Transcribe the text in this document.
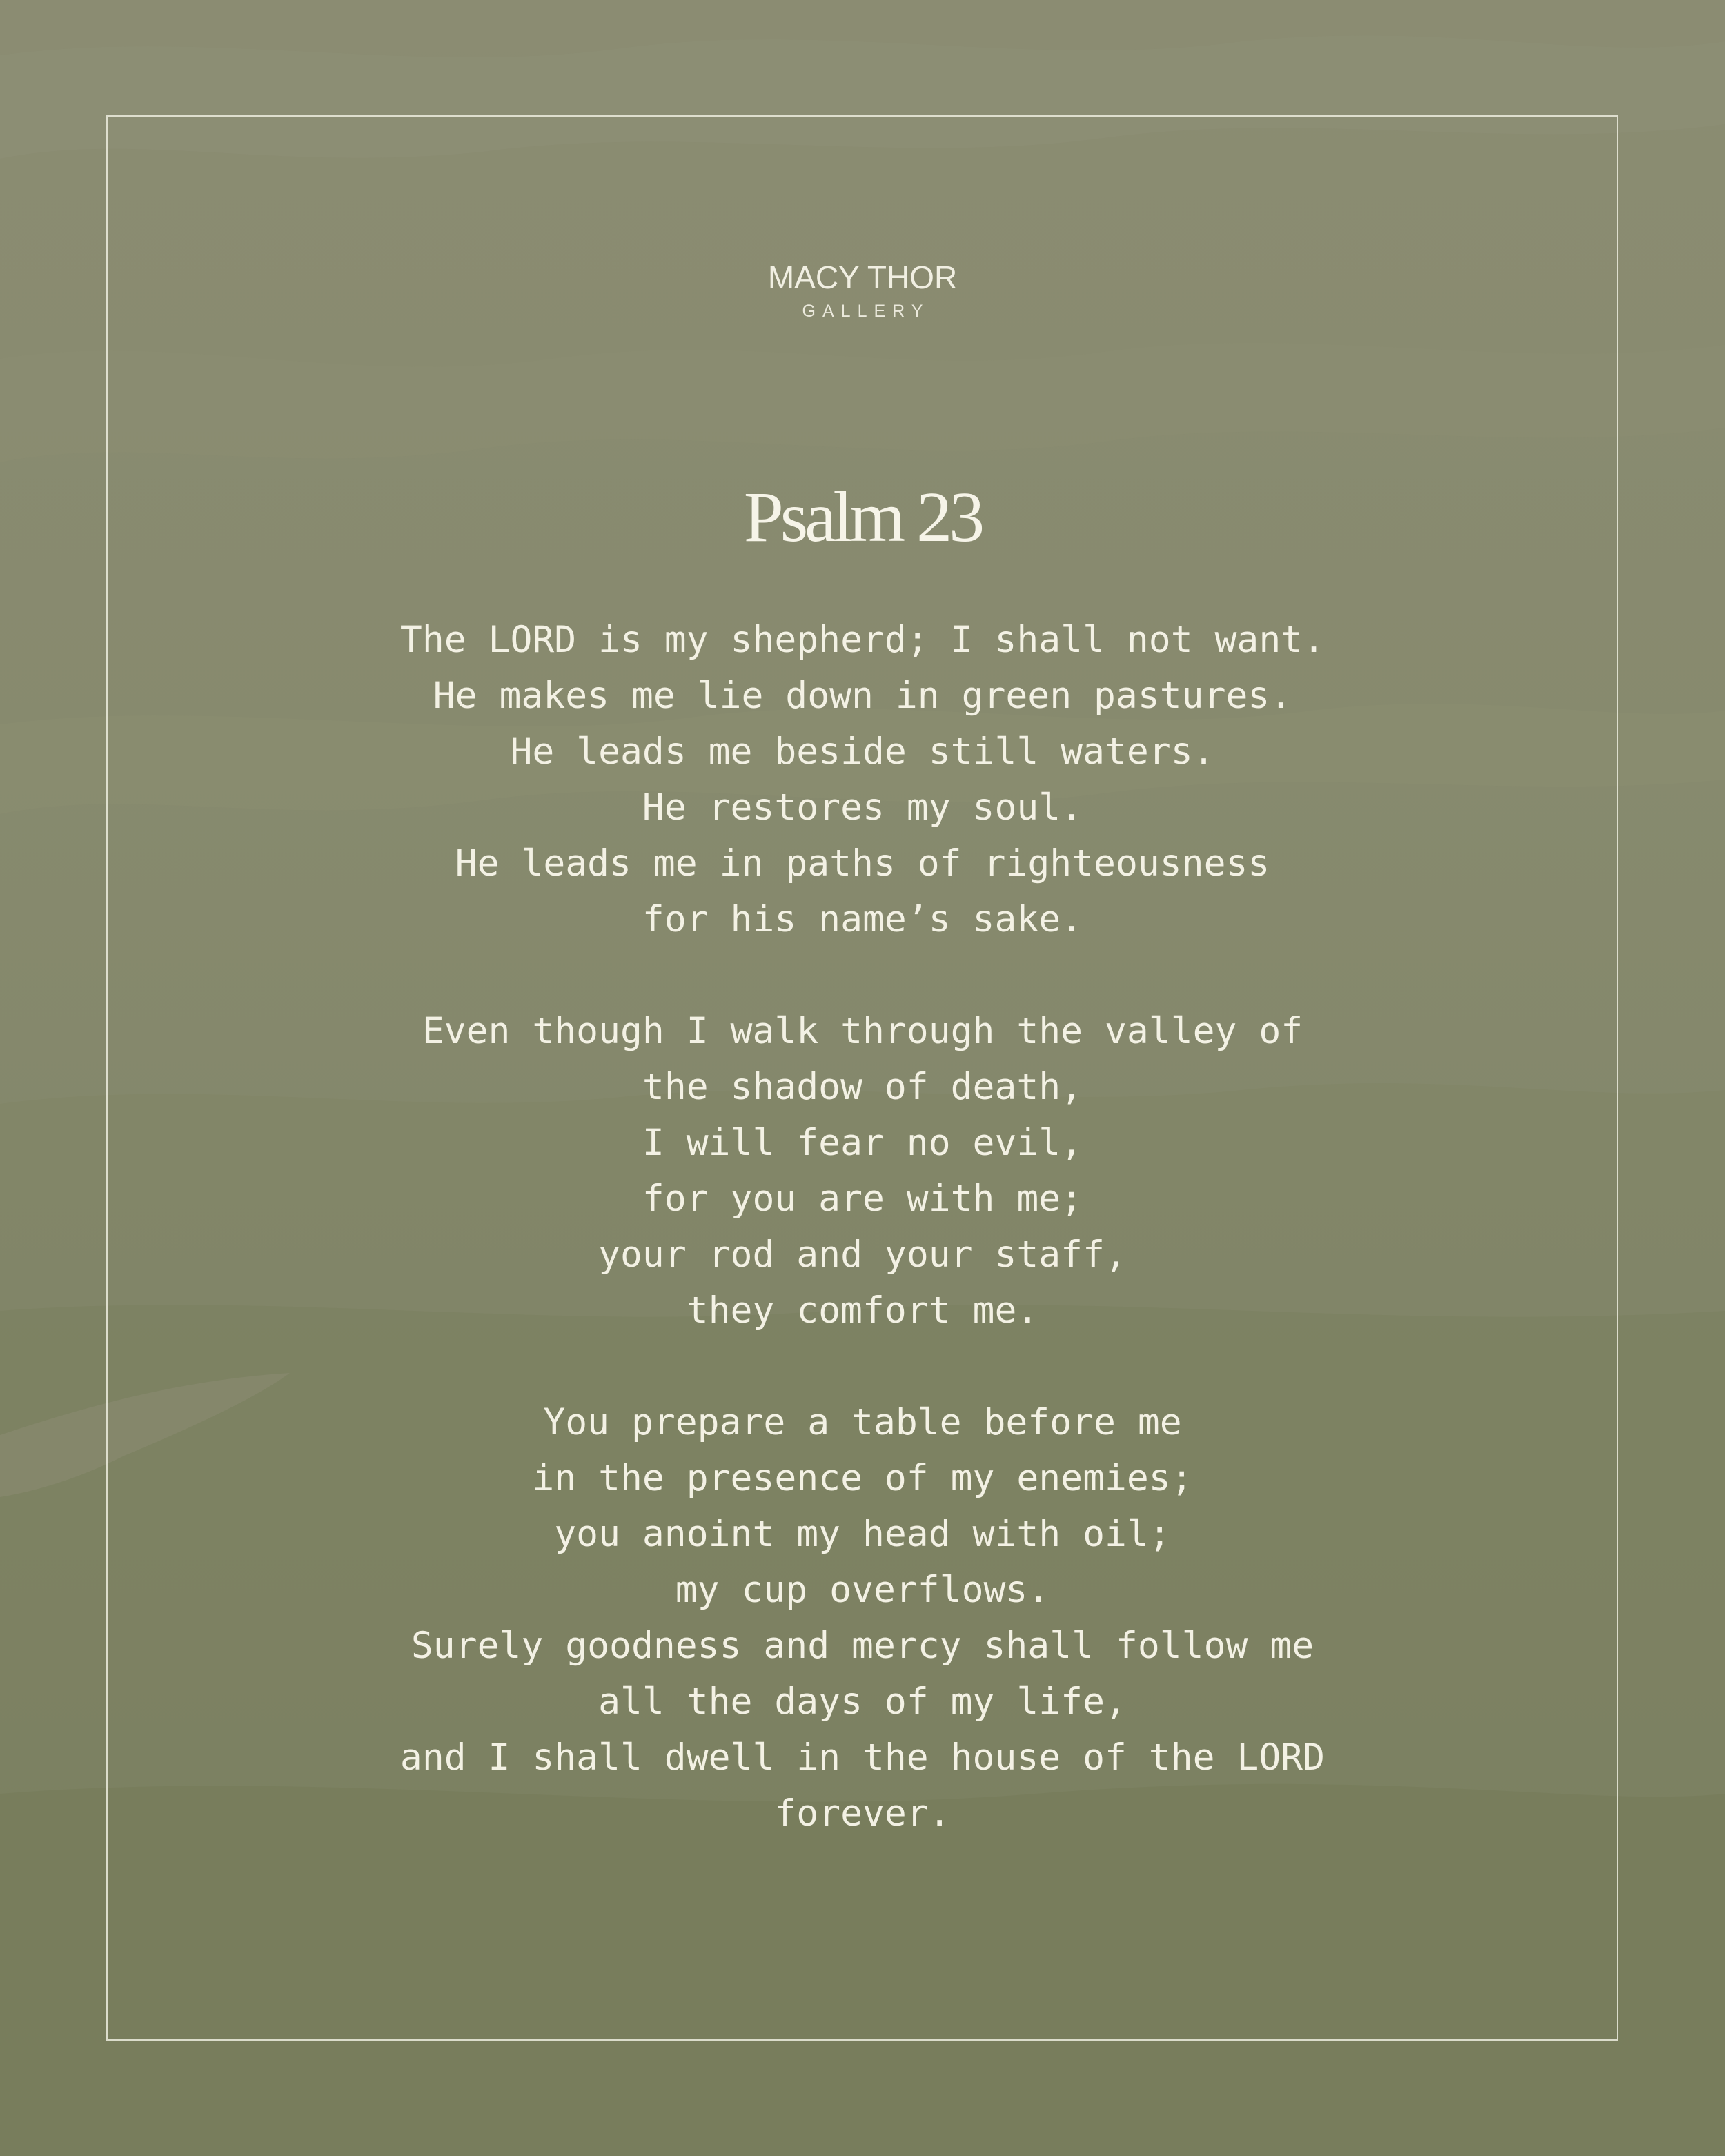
MACY THOR
GALLERY
Psalm 23
The LORD is my shepherd; I shall not want.
He makes me lie down in green pastures.
He leads me beside still waters.
He restores my soul.
He leads me in paths of righteousness
for his name’s sake.
Even though I walk through the valley of
the shadow of death,
I will fear no evil,
for you are with me;
your rod and your staff,
they comfort me.
You prepare a table before me
in the presence of my enemies;
you anoint my head with oil;
my cup overflows.
Surely goodness and mercy shall follow me
all the days of my life,
and I shall dwell in the house of the LORD
forever.
